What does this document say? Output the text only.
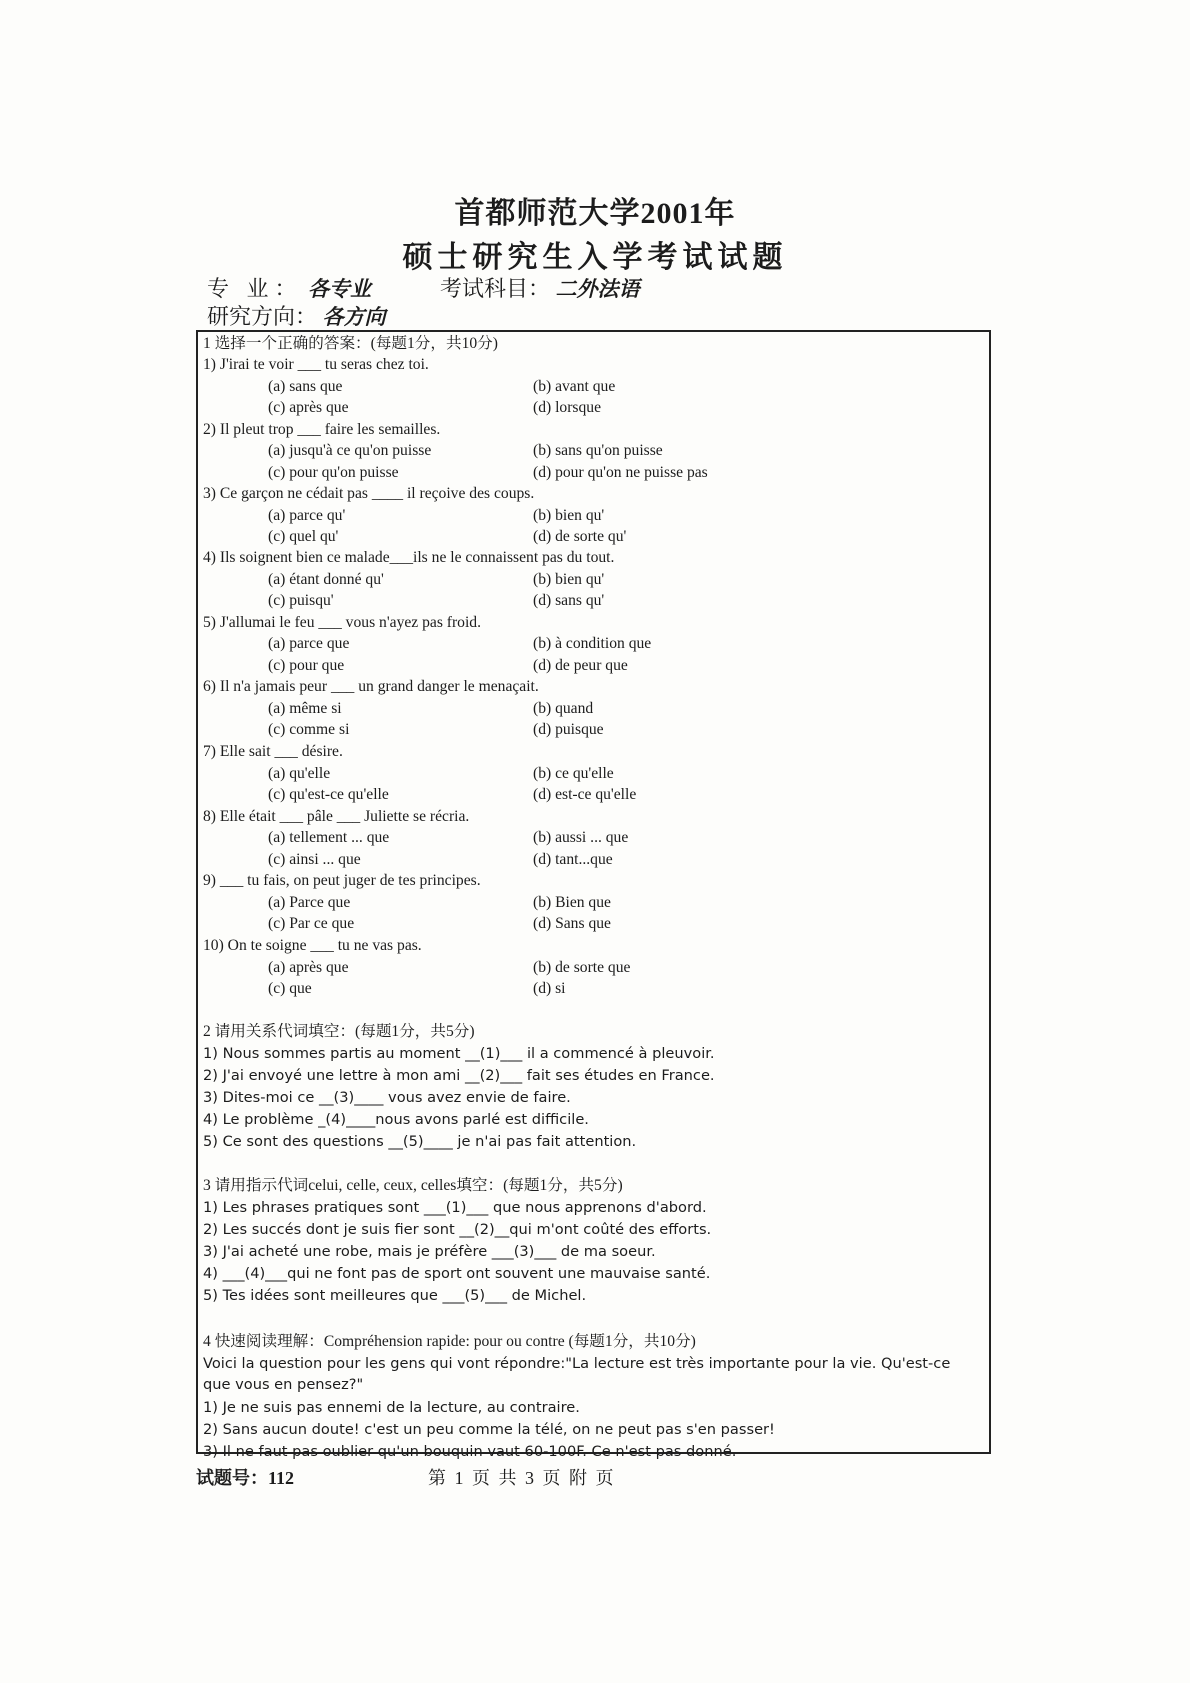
首都师范大学2001年
硕士研究生入学考试试题
专 业： 各专业	考试科目： 二外法语
研究方向： 各方向
1 选择一个正确的答案：(每题1分，共10分)
1) J'irai te voir ___ tu seras chez toi.
(a) sans que	(b) avant que
(c) après que	(d) lorsque
2) Il pleut trop ___ faire les semailles.
(a) jusqu'à ce qu'on puisse	(b) sans qu'on puisse
(c) pour qu'on puisse	(d) pour qu'on ne puisse pas
3) Ce garçon ne cédait pas ____ il reçoive des coups.
(a) parce qu'	(b) bien qu'
(c) quel qu'	(d) de sorte qu'
4) Ils soignent bien ce malade___ils ne le connaissent pas du tout.
(a) étant donné qu'	(b) bien qu'
(c) puisqu'	(d) sans qu'
5) J'allumai le feu ___ vous n'ayez pas froid.
(a) parce que	(b) à condition que
(c) pour que	(d) de peur que
6) Il n'a jamais peur ___ un grand danger le menaçait.
(a) même si	(b) quand
(c) comme si	(d) puisque
7) Elle sait ___ désire.
(a) qu'elle	(b) ce qu'elle
(c) qu'est-ce qu'elle	(d) est-ce qu'elle
8) Elle était ___ pâle ___ Juliette se récria.
(a) tellement ... que	(b) aussi ... que
(c) ainsi ... que	(d) tant...que
9) ___ tu fais, on peut juger de tes principes.
(a) Parce que	(b) Bien que
(c) Par ce que	(d) Sans que
10) On te soigne ___ tu ne vas pas.
(a) après que	(b) de sorte que
(c) que	(d) si
2 请用关系代词填空：(每题1分，共5分)
1) Nous sommes partis au moment __(1)___ il a commencé à pleuvoir.
2) J'ai envoyé une lettre à mon ami __(2)___ fait ses études en France.
3) Dites-moi ce __(3)____ vous avez envie de faire.
4) Le problème _(4)____nous avons parlé est difficile.
5) Ce sont des questions __(5)____ je n'ai pas fait attention.
3 请用指示代词celui, celle, ceux, celles填空：(每题1分，共5分)
1) Les phrases pratiques sont ___(1)___ que nous apprenons d'abord.
2) Les succés dont je suis fier sont __(2)__qui m'ont coûté des efforts.
3) J'ai acheté une robe, mais je préfère ___(3)___ de ma soeur.
4) ___(4)___qui ne font pas de sport ont souvent une mauvaise santé.
5) Tes idées sont meilleures que ___(5)___ de Michel.
4 快速阅读理解：Compréhension rapide: pour ou contre (每题1分，共10分)
Voici la question pour les gens qui vont répondre:"La lecture est très importante pour la vie. Qu'est-ce
que vous en pensez?"
1) Je ne suis pas ennemi de la lecture, au contraire.
2) Sans aucun doute! c'est un peu comme la télé, on ne peut pas s'en passer!
3) Il ne faut pas oublier qu'un bouquin vaut 60-100F. Ce n'est pas donné.
试题号：112	第 1 页 共 3 页 附 页
